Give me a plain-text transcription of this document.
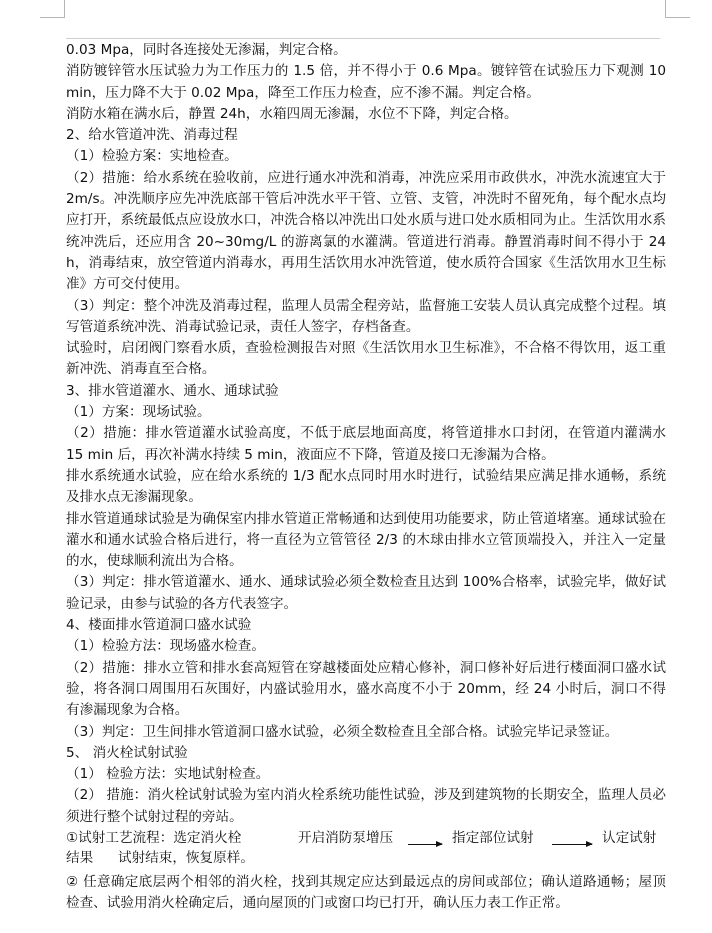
0.03 Mpa，同时各连接处无渗漏，判定合格。

消防镀锌管水压试验力为工作压力的 1.5 倍，并不得小于 0.6 Mpa。镀锌管在试验压力下观测 10 min，压力降不大于 0.02 Mpa，降至工作压力检查，应不渗不漏。判定合格。

消防水箱在满水后，静置 24h，水箱四周无渗漏，水位不下降，判定合格。

2、给水管道冲洗、消毒过程

（1）检验方案：实地检查。

（2）措施：给水系统在验收前，应进行通水冲洗和消毒，冲洗应采用市政供水，冲洗水流速宜大于 2m/s。冲洗顺序应先冲洗底部干管后冲洗水平干管、立管、支管，冲洗时不留死角，每个配水点均应打开，系统最低点应设放水口，冲洗合格以冲洗出口处水质与进口处水质相同为止。生活饮用水系统冲洗后，还应用含 20~30mg/L 的游离氯的水灌满。管道进行消毒。静置消毒时间不得小于 24 h，消毒结束，放空管道内消毒水，再用生活饮用水冲洗管道，使水质符合国家《生活饮用水卫生标准》方可交付使用。

（3）判定：整个冲洗及消毒过程，监理人员需全程旁站，监督施工安装人员认真完成整个过程。填写管道系统冲洗、消毒试验记录，责任人签字，存档备查。

试验时，启闭阀门察看水质，查验检测报告对照《生活饮用水卫生标准》，不合格不得饮用，返工重新冲洗、消毒直至合格。

3、排水管道灌水、通水、通球试验

（1）方案：现场试验。

（2）措施：排水管道灌水试验高度，不低于底层地面高度，将管道排水口封闭，在管道内灌满水 15 min 后，再次补满水持续 5 min，液面应不下降，管道及接口无渗漏为合格。

排水系统通水试验，应在给水系统的 1/3 配水点同时用水时进行，试验结果应满足排水通畅，系统及排水点无渗漏现象。

排水管道通球试验是为确保室内排水管道正常畅通和达到使用功能要求，防止管道堵塞。通球试验在灌水和通水试验合格后进行，将一直径为立管管径 2/3 的木球由排水立管顶端投入，并注入一定量的水，使球顺利流出为合格。

（3）判定：排水管道灌水、通水、通球试验必须全数检查且达到 100%合格率，试验完毕，做好试验记录，由参与试验的各方代表签字。

4、楼面排水管道洞口盛水试验

（1）检验方法：现场盛水检查。

（2）措施：排水立管和排水套高短管在穿越楼面处应精心修补，洞口修补好后进行楼面洞口盛水试验，将各洞口周围用石灰围好，内盛试验用水，盛水高度不小于 20mm，经 24 小时后，洞口不得有渗漏现象为合格。

（3）判定：卫生间排水管道洞口盛水试验，必须全数检查且全部合格。试验完毕记录签证。

5、 消火栓试射试验

（1） 检验方法：实地试射检查。

（2） 措施：消火栓试射试验为室内消火栓系统功能性试验，涉及到建筑物的长期安全，监理人员必须进行整个试射过程的旁站。

①试射工艺流程：选定消火栓	开启消防泵增压	指定部位试射	认定试射
结果 试射结束，恢复原样。

② 任意确定底层两个相邻的消火栓，找到其规定应达到最远点的房间或部位；确认道路通畅；屋顶检查、试验用消火栓确定后，通向屋顶的门或窗口均已打开，确认压力表工作正常。
